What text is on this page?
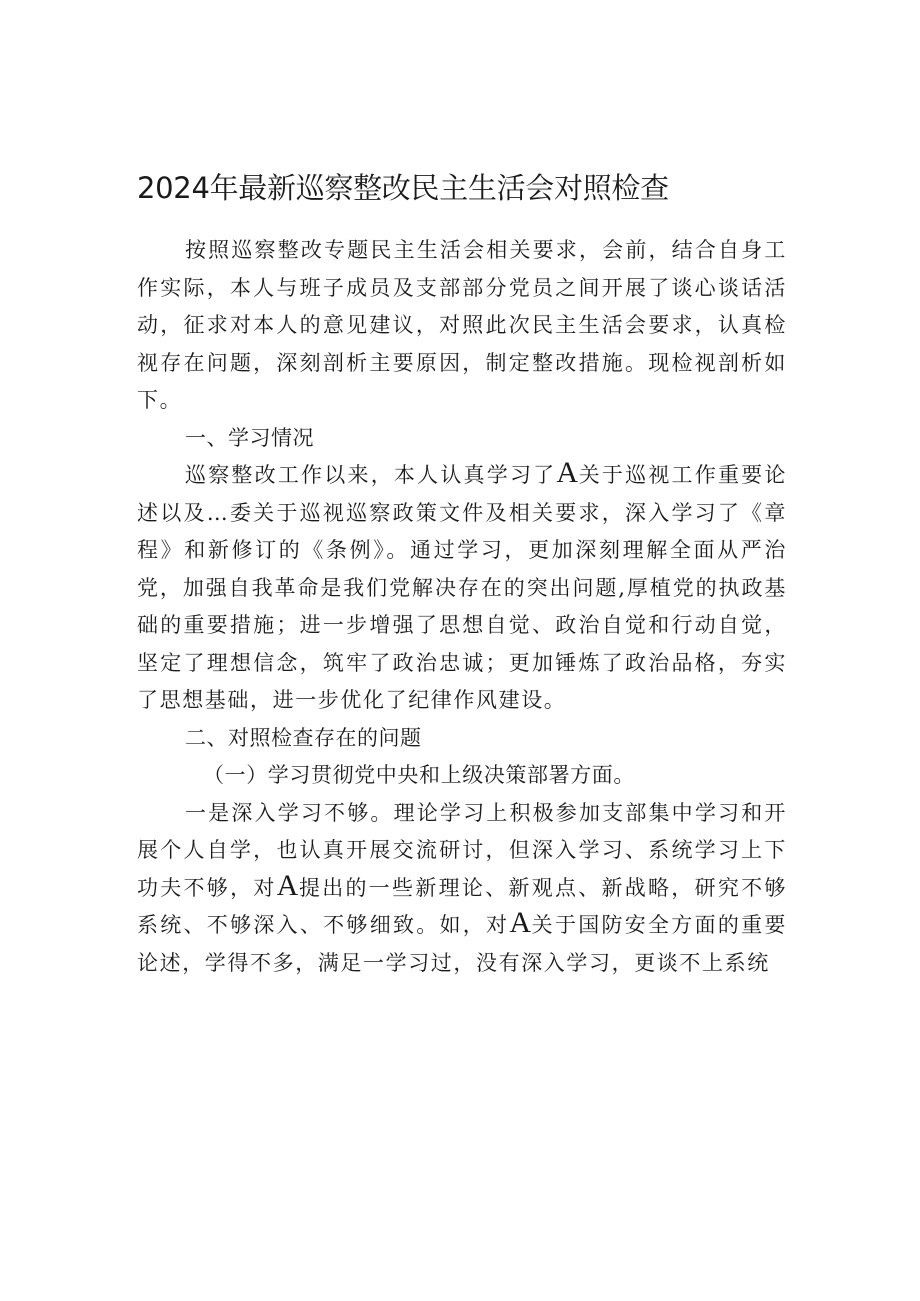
2024年最新巡察整改民主生活会对照检查

按照巡察整改专题民主生活会相关要求，会前，结合自身工作实际，本人与班子成员及支部部分党员之间开展了谈心谈话活动，征求对本人的意见建议，对照此次民主生活会要求，认真检视存在问题，深刻剖析主要原因，制定整改措施。现检视剖析如下。

一、学习情况

巡察整改工作以来，本人认真学习了A关于巡视工作重要论述以及…委关于巡视巡察政策文件及相关要求，深入学习了《章程》和新修订的《条例》。通过学习，更加深刻理解全面从严治党，加强自我革命是我们党解决存在的突出问题,厚植党的执政基础的重要措施；进一步增强了思想自觉、政治自觉和行动自觉，坚定了理想信念，筑牢了政治忠诚；更加锤炼了政治品格，夯实了思想基础，进一步优化了纪律作风建设。

二、对照检查存在的问题

（一）学习贯彻党中央和上级决策部署方面。

一是深入学习不够。理论学习上积极参加支部集中学习和开展个人自学，也认真开展交流研讨，但深入学习、系统学习上下功夫不够，对A提出的一些新理论、新观点、新战略，研究不够系统、不够深入、不够细致。如，对A关于国防安全方面的重要论述，学得不多，满足一学习过，没有深入学习，更谈不上系统
